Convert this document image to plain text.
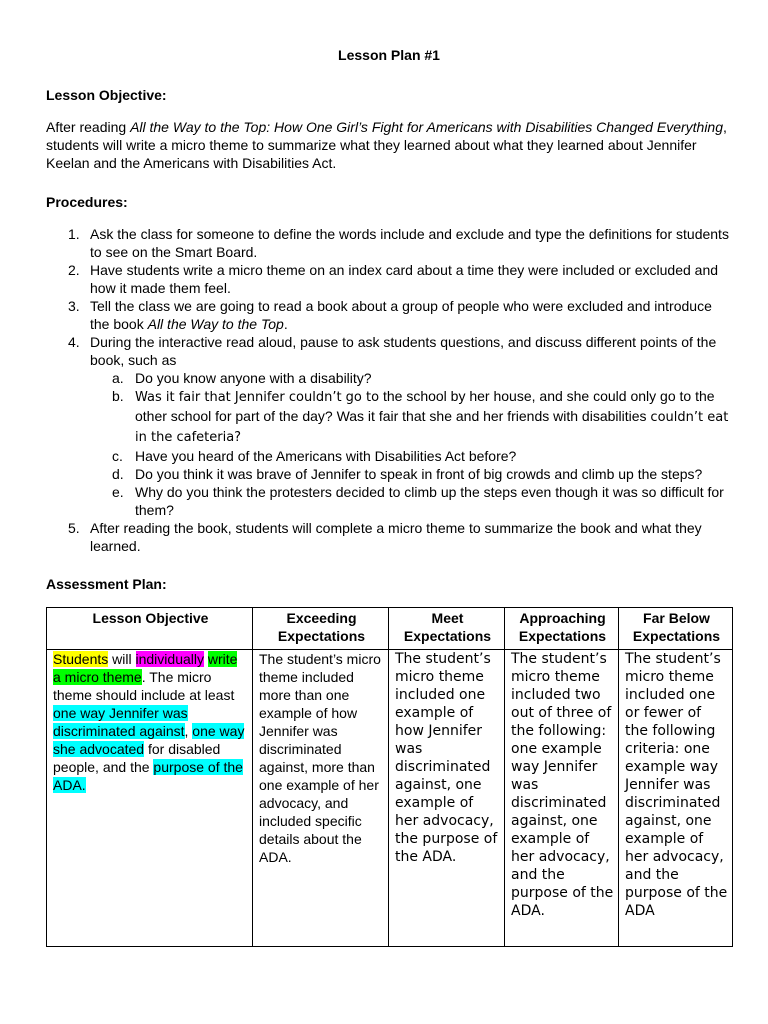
Lesson Plan #1
Lesson Objective:
After reading All the Way to the Top: How One Girl’s Fight for Americans with Disabilities Changed Everything, students will write a micro theme to summarize what they learned about what they learned about Jennifer Keelan and the Americans with Disabilities Act.
Procedures:
1. Ask the class for someone to define the words include and exclude and type the definitions for students to see on the Smart Board.
2. Have students write a micro theme on an index card about a time they were included or excluded and how it made them feel.
3. Tell the class we are going to read a book about a group of people who were excluded and introduce the book All the Way to the Top.
4. During the interactive read aloud, pause to ask students questions, and discuss different points of the book, such as
a. Do you know anyone with a disability?
b. Was it fair that Jennifer couldn’t go to the school by her house, and she could only go to the other school for part of the day? Was it fair that she and her friends with disabilities couldn’t eat in the cafeteria?
c. Have you heard of the Americans with Disabilities Act before?
d. Do you think it was brave of Jennifer to speak in front of big crowds and climb up the steps?
e. Why do you think the protesters decided to climb up the steps even though it was so difficult for them?
5. After reading the book, students will complete a micro theme to summarize the book and what they learned.
Assessment Plan:
Lesson Objective	Exceeding Expectations	Meet Expectations	Approaching Expectations	Far Below Expectations
Students will individually write a micro theme. The micro theme should include at least one way Jennifer was discriminated against, one way she advocated for disabled people, and the purpose of the ADA.	The student’s micro theme included more than one example of how Jennifer was discriminated against, more than one example of her advocacy, and included specific details about the ADA.	The student’s micro theme included one example of how Jennifer was discriminated against, one example of her advocacy, the purpose of the ADA.	The student’s micro theme included two out of three of the following: one example way Jennifer was discriminated against, one example of her advocacy, and the purpose of the ADA.	The student’s micro theme included one or fewer of the following criteria: one example way Jennifer was discriminated against, one example of her advocacy, and the purpose of the ADA
